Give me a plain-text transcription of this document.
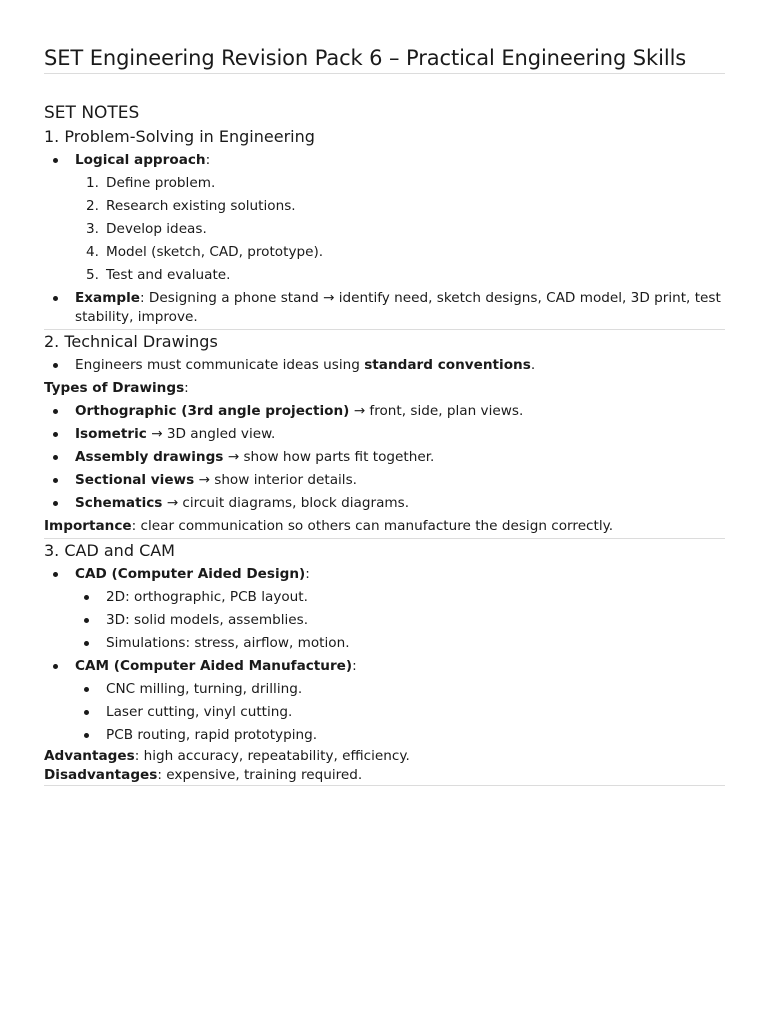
SET Engineering Revision Pack 6 – Practical Engineering Skills
SET NOTES
1. Problem-Solving in Engineering
Logical approach:
1. Define problem.
2. Research existing solutions.
3. Develop ideas.
4. Model (sketch, CAD, prototype).
5. Test and evaluate.
Example: Designing a phone stand → identify need, sketch designs, CAD model, 3D print, test stability, improve.
2. Technical Drawings
Engineers must communicate ideas using standard conventions.

Types of Drawings:

Orthographic (3rd angle projection) → front, side, plan views.
Isometric → 3D angled view.
Assembly drawings → show how parts fit together.
Sectional views → show interior details.
Schematics → circuit diagrams, block diagrams.

Importance: clear communication so others can manufacture the design correctly.

3. CAD and CAM
CAD (Computer Aided Design):
2D: orthographic, PCB layout.
3D: solid models, assemblies.
Simulations: stress, airflow, motion.
CAM (Computer Aided Manufacture):
CNC milling, turning, drilling.
Laser cutting, vinyl cutting.
PCB routing, rapid prototyping.

Advantages: high accuracy, repeatability, efficiency.

Disadvantages: expensive, training required.
